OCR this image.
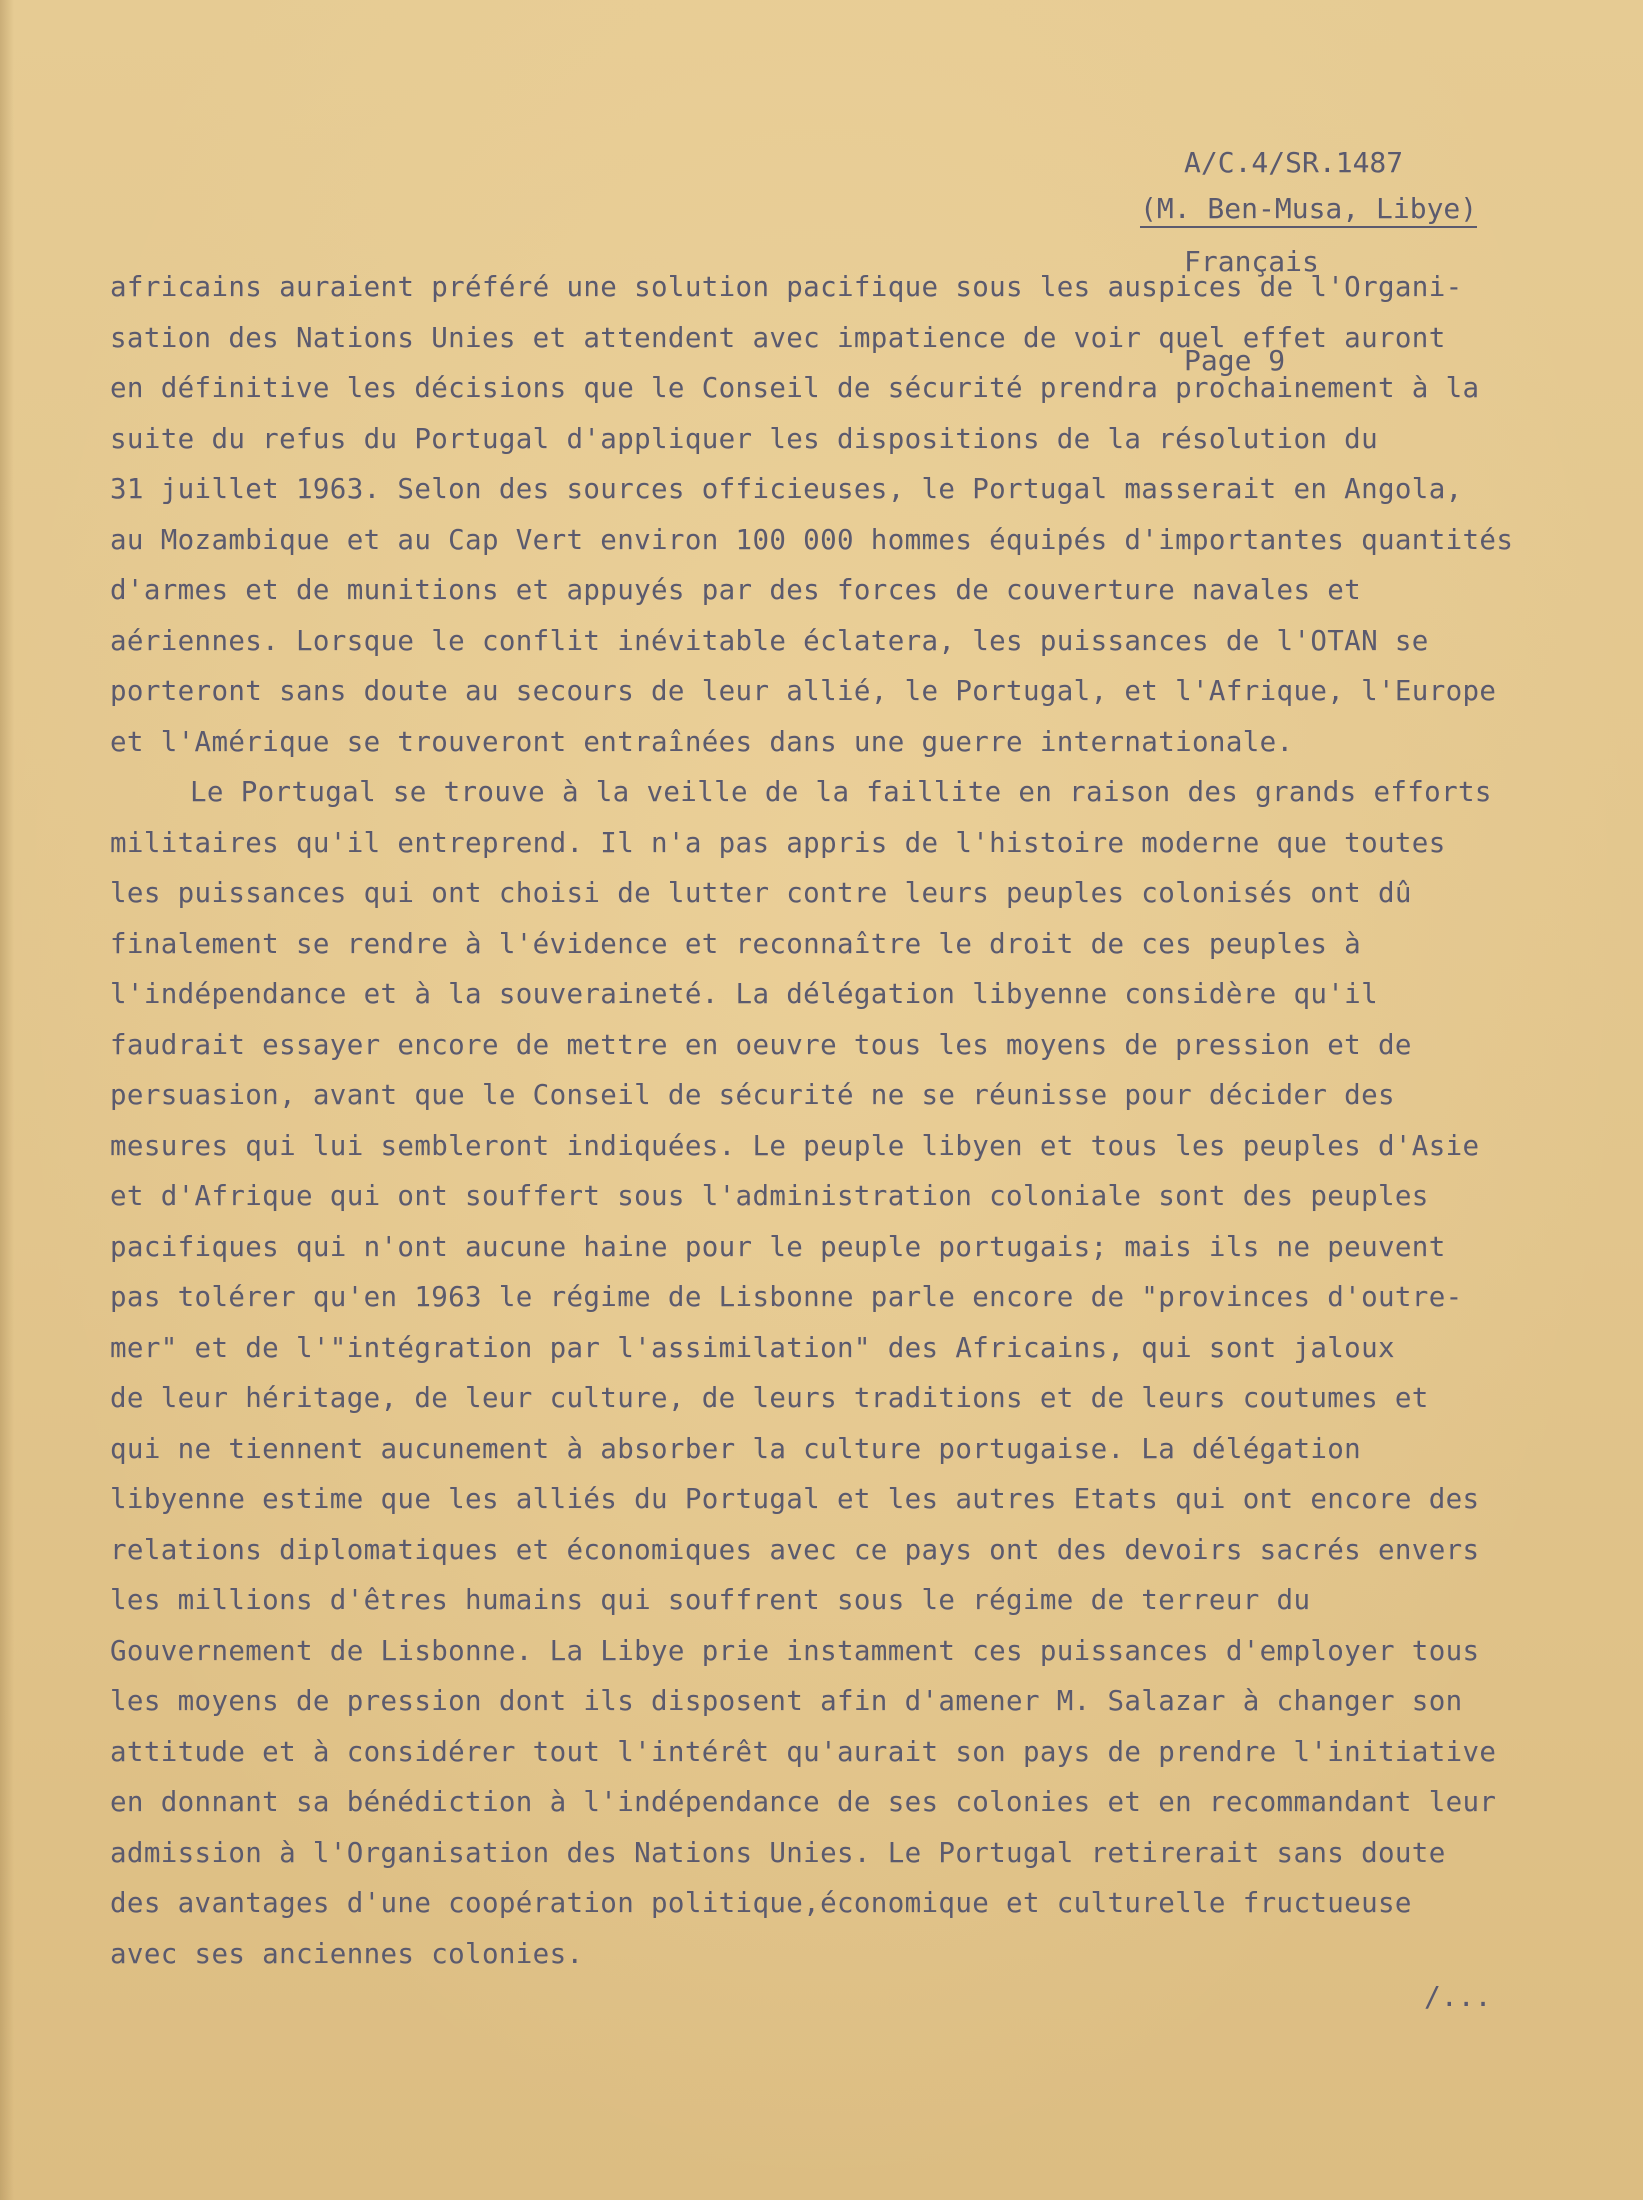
A/C.4/SR.1487

Français

Page 9

(M. Ben-Musa, Libye)

africains auraient préféré une solution pacifique sous les auspices de l'Organi-
sation des Nations Unies et attendent avec impatience de voir quel effet auront
en définitive les décisions que le Conseil de sécurité prendra prochainement à la
suite du refus du Portugal d'appliquer les dispositions de la résolution du
31 juillet 1963. Selon des sources officieuses, le Portugal masserait en Angola,
au Mozambique et au Cap Vert environ 100 000 hommes équipés d'importantes quantités
d'armes et de munitions et appuyés par des forces de couverture navales et
aériennes. Lorsque le conflit inévitable éclatera, les puissances de l'OTAN se
porteront sans doute au secours de leur allié, le Portugal, et l'Afrique, l'Europe
et l'Amérique se trouveront entraînées dans une guerre internationale.
Le Portugal se trouve à la veille de la faillite en raison des grands efforts
militaires qu'il entreprend. Il n'a pas appris de l'histoire moderne que toutes
les puissances qui ont choisi de lutter contre leurs peuples colonisés ont dû
finalement se rendre à l'évidence et reconnaître le droit de ces peuples à
l'indépendance et à la souveraineté. La délégation libyenne considère qu'il
faudrait essayer encore de mettre en oeuvre tous les moyens de pression et de
persuasion, avant que le Conseil de sécurité ne se réunisse pour décider des
mesures qui lui sembleront indiquées. Le peuple libyen et tous les peuples d'Asie
et d'Afrique qui ont souffert sous l'administration coloniale sont des peuples
pacifiques qui n'ont aucune haine pour le peuple portugais; mais ils ne peuvent
pas tolérer qu'en 1963 le régime de Lisbonne parle encore de "provinces d'outre-
mer" et de l'"intégration par l'assimilation" des Africains, qui sont jaloux
de leur héritage, de leur culture, de leurs traditions et de leurs coutumes et
qui ne tiennent aucunement à absorber la culture portugaise. La délégation
libyenne estime que les alliés du Portugal et les autres Etats qui ont encore des
relations diplomatiques et économiques avec ce pays ont des devoirs sacrés envers
les millions d'êtres humains qui souffrent sous le régime de terreur du
Gouvernement de Lisbonne. La Libye prie instamment ces puissances d'employer tous
les moyens de pression dont ils disposent afin d'amener M. Salazar à changer son
attitude et à considérer tout l'intérêt qu'aurait son pays de prendre l'initiative
en donnant sa bénédiction à l'indépendance de ses colonies et en recommandant leur
admission à l'Organisation des Nations Unies. Le Portugal retirerait sans doute
des avantages d'une coopération politique,économique et culturelle fructueuse
avec ses anciennes colonies.
/...
